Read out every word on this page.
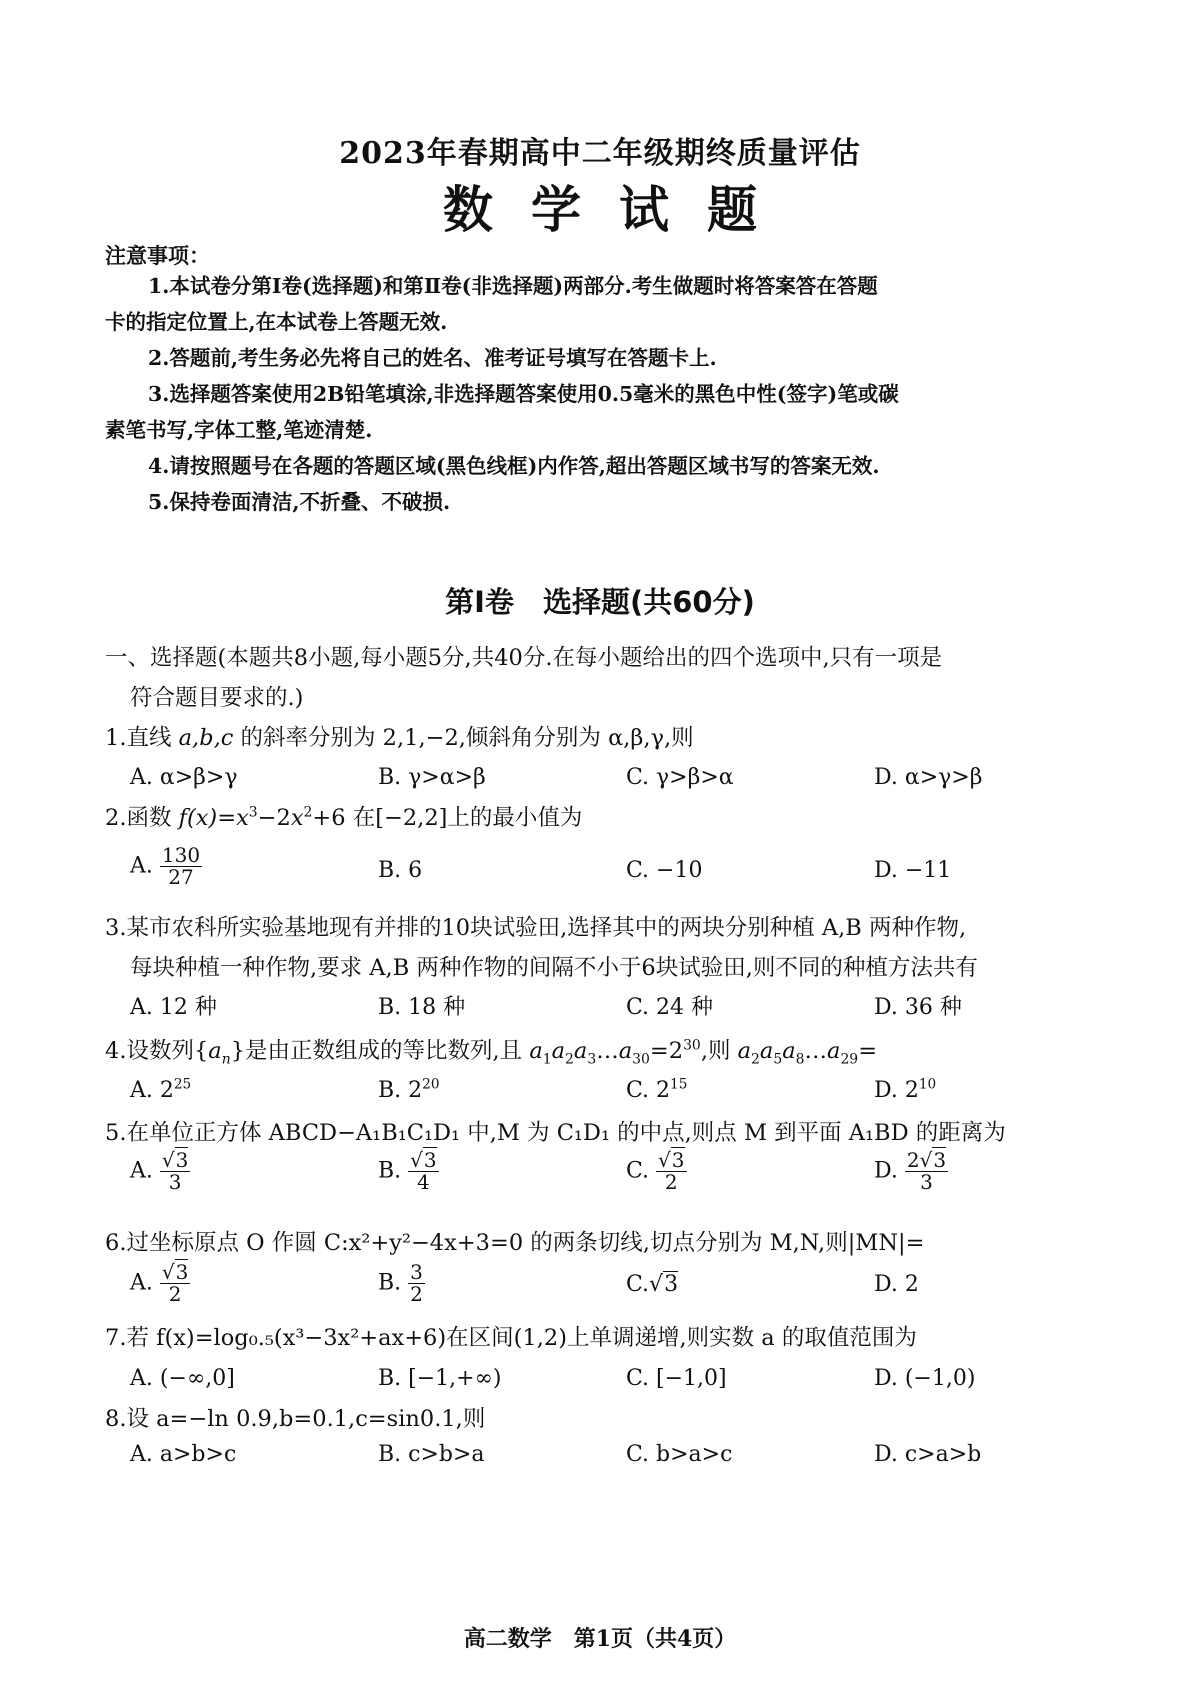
2023年春期高中二年级期终质量评估
数学试题
注意事项：
1.本试卷分第Ⅰ卷(选择题)和第Ⅱ卷(非选择题)两部分.考生做题时将答案答在答题
卡的指定位置上,在本试卷上答题无效.
2.答题前,考生务必先将自己的姓名、准考证号填写在答题卡上.
3.选择题答案使用2B铅笔填涂,非选择题答案使用0.5毫米的黑色中性(签字)笔或碳
素笔书写,字体工整,笔迹清楚.
4.请按照题号在各题的答题区域(黑色线框)内作答,超出答题区域书写的答案无效.
5.保持卷面清洁,不折叠、不破损.
第Ⅰ卷　选择题(共60分)
一、选择题(本题共8小题,每小题5分,共40分.在每小题给出的四个选项中,只有一项是
符合题目要求的.)
1.直线 a,b,c 的斜率分别为 2,1,−2,倾斜角分别为 α,β,γ,则
A. α>β>γ	B. γ>α>β	C. γ>β>α	D. α>γ>β
2.函数 $f(x)=x^3-2x^2+6$ 在[−2,2]上的最小值为
A. $\frac{130}{27}$	B. 6	C. −10	D. −11
3.某市农科所实验基地现有并排的10块试验田,选择其中的两块分别种植 A,B 两种作物,
每块种植一种作物,要求 A,B 两种作物的间隔不小于6块试验田,则不同的种植方法共有
A. 12 种	B. 18 种	C. 24 种	D. 36 种
4.设数列$\{a_n\}$是由正数组成的等比数列,且 $a_1a_2a_3\dots a_{30}=2^{30}$,则 $a_2a_5a_8\dots a_{29}=$
A. $2^{25}$	B. $2^{20}$	C. $2^{15}$	D. $2^{10}$
5.在单位正方体 ABCD−A₁B₁C₁D₁ 中,M 为 C₁D₁ 的中点,则点 M 到平面 A₁BD 的距离为
A. $\frac{√3}{3}$	B. $\frac{√3}{4}$	C. $\frac{√3}{2}$	D. $\frac{2√3}{3}$
6.过坐标原点 O 作圆 C:x²+y²−4x+3=0 的两条切线,切点分别为 M,N,则|MN|=
A. $\frac{√3}{2}$	B. $\frac{3}{2}$	C.√3	D. 2
7.若 f(x)=log₀.₅(x³−3x²+ax+6)在区间(1,2)上单调递增,则实数 a 的取值范围为
A. (−∞,0]	B. [−1,+∞)	C. [−1,0]	D. (−1,0)
8.设 a=−ln 0.9,b=0.1,c=sin0.1,则
A. a>b>c	B. c>b>a	C. b>a>c	D. c>a>b
高二数学　第1页（共4页）
